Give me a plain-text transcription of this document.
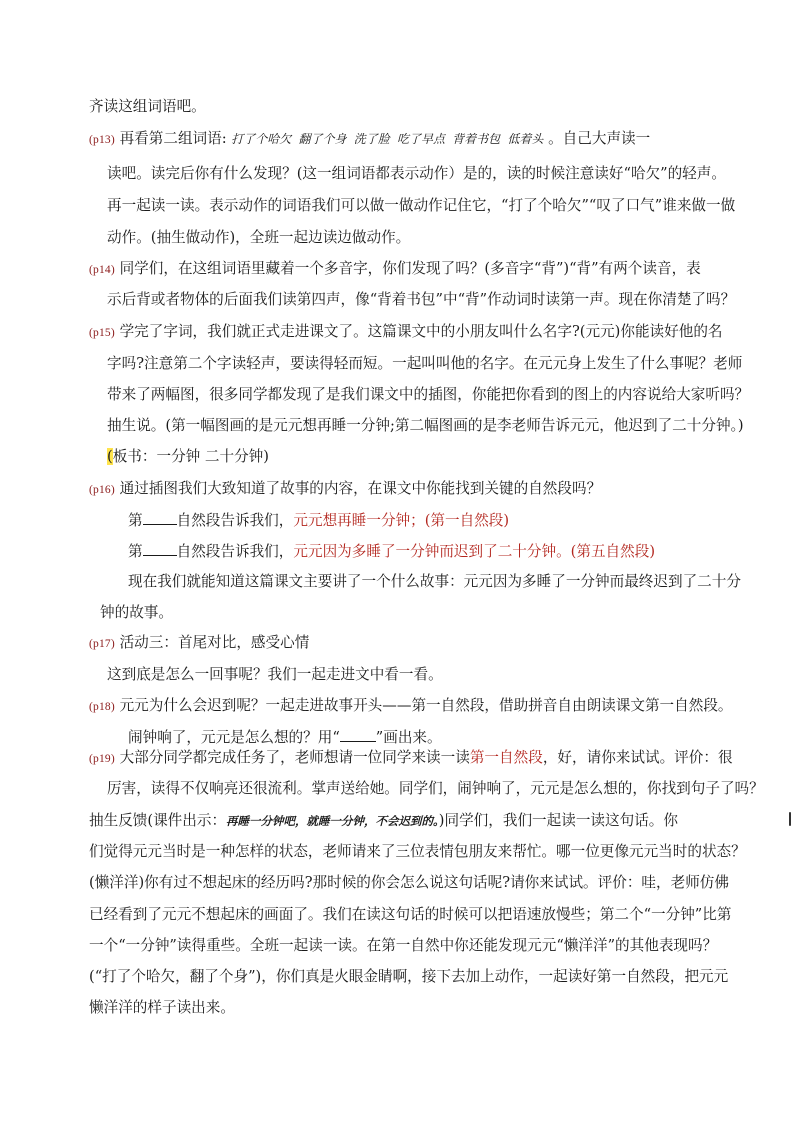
齐读这组词语吧。
(p13) 再看第二组词语: 打了个哈欠 翻了个身 洗了脸 吃了早点 背着书包 低着头 。自己大声读一
读吧。读完后你有什么发现？(这一组词语都表示动作）是的，读的时候注意读好“哈欠”的轻声。
再一起读一读。表示动作的词语我们可以做一做动作记住它，“打了个哈欠”“叹了口气”谁来做一做
动作。(抽生做动作)，全班一起边读边做动作。
(p14) 同学们，在这组词语里藏着一个多音字，你们发现了吗？(多音字“背”)“背”有两个读音，表
示后背或者物体的后面我们读第四声，像“背着书包”中“背”作动词时读第一声。现在你清楚了吗？
(p15) 学完了字词，我们就正式走进课文了。这篇课文中的小朋友叫什么名字?(元元)你能读好他的名
字吗?注意第二个字读轻声，要读得轻而短。一起叫叫他的名字。在元元身上发生了什么事呢？老师
带来了两幅图，很多同学都发现了是我们课文中的插图，你能把你看到的图上的内容说给大家听吗？
抽生说。(第一幅图画的是元元想再睡一分钟;第二幅图画的是李老师告诉元元，他迟到了二十分钟。)
(板书：一分钟 二十分钟)
(p16) 通过插图我们大致知道了故事的内容，在课文中你能找到关键的自然段吗？
第 自然段告诉我们，元元想再睡一分钟；(第一自然段)
第 自然段告诉我们，元元因为多睡了一分钟而迟到了二十分钟。(第五自然段)
现在我们就能知道这篇课文主要讲了一个什么故事：元元因为多睡了一分钟而最终迟到了二十分
钟的故事。
(p17) 活动三：首尾对比，感受心情
这到底是怎么一回事呢？我们一起走进文中看一看。
(p18) 元元为什么会迟到呢？一起走进故事开头——第一自然段，借助拼音自由朗读课文第一自然段。
闹钟响了，元元是怎么想的？用“ ”画出来。
(p19) 大部分同学都完成任务了，老师想请一位同学来读一读第一自然段，好，请你来试试。评价：很
厉害，读得不仅响亮还很流利。掌声送给她。同学们，闹钟响了，元元是怎么想的，你找到句子了吗？
抽生反馈(课件出示：再睡一分钟吧，就睡一分钟，不会迟到的。)同学们，我们一起读一读这句话。你
们觉得元元当时是一种怎样的状态，老师请来了三位表情包朋友来帮忙。哪一位更像元元当时的状态？
(懒洋洋)你有过不想起床的经历吗?那时候的你会怎么说这句话呢?请你来试试。评价：哇，老师仿佛
已经看到了元元不想起床的画面了。我们在读这句话的时候可以把语速放慢些；第二个“一分钟”比第
一个“一分钟”读得重些。全班一起读一读。在第一自然中你还能发现元元“懒洋洋”的其他表现吗？
(“打了个哈欠，翻了个身”)，你们真是火眼金睛啊，接下去加上动作，一起读好第一自然段，把元元
懒洋洋的样子读出来。
